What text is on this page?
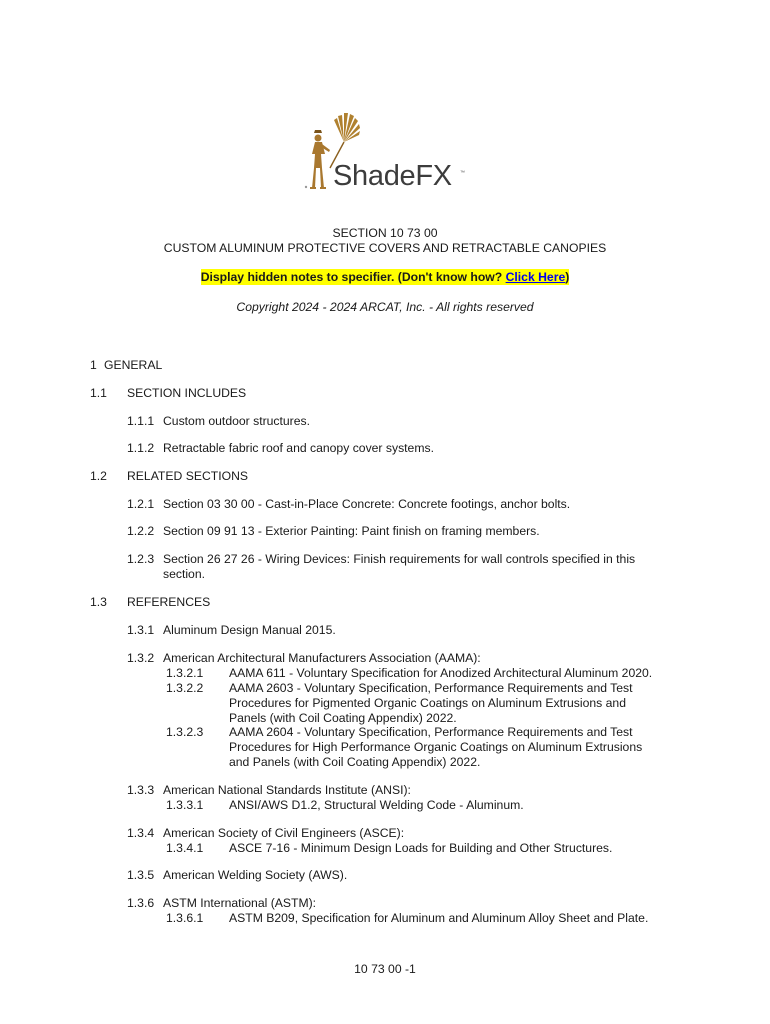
ShadeFX ™
SECTION 10 73 00
CUSTOM ALUMINUM PROTECTIVE COVERS AND RETRACTABLE CANOPIES
Display hidden notes to specifier. (Don't know how? Click Here)
Copyright 2024 - 2024 ARCAT, Inc. - All rights reserved
1 GENERAL
1.1 SECTION INCLUDES
1.1.1 Custom outdoor structures.
1.1.2 Retractable fabric roof and canopy cover systems.
1.2 RELATED SECTIONS
1.2.1 Section 03 30 00 - Cast-in-Place Concrete: Concrete footings, anchor bolts.
1.2.2 Section 09 91 13 - Exterior Painting: Paint finish on framing members.
1.2.3 Section 26 27 26 - Wiring Devices: Finish requirements for wall controls specified in this
section.
1.3 REFERENCES
1.3.1 Aluminum Design Manual 2015.
1.3.2 American Architectural Manufacturers Association (AAMA):
1.3.2.1 AAMA 611 - Voluntary Specification for Anodized Architectural Aluminum 2020.
1.3.2.2 AAMA 2603 - Voluntary Specification, Performance Requirements and Test
Procedures for Pigmented Organic Coatings on Aluminum Extrusions and
Panels (with Coil Coating Appendix) 2022.
1.3.2.3 AAMA 2604 - Voluntary Specification, Performance Requirements and Test
Procedures for High Performance Organic Coatings on Aluminum Extrusions
and Panels (with Coil Coating Appendix) 2022.
1.3.3 American National Standards Institute (ANSI):
1.3.3.1 ANSI/AWS D1.2, Structural Welding Code - Aluminum.
1.3.4 American Society of Civil Engineers (ASCE):
1.3.4.1 ASCE 7-16 - Minimum Design Loads for Building and Other Structures.
1.3.5 American Welding Society (AWS).
1.3.6 ASTM International (ASTM):
1.3.6.1 ASTM B209, Specification for Aluminum and Aluminum Alloy Sheet and Plate.
10 73 00 -1
